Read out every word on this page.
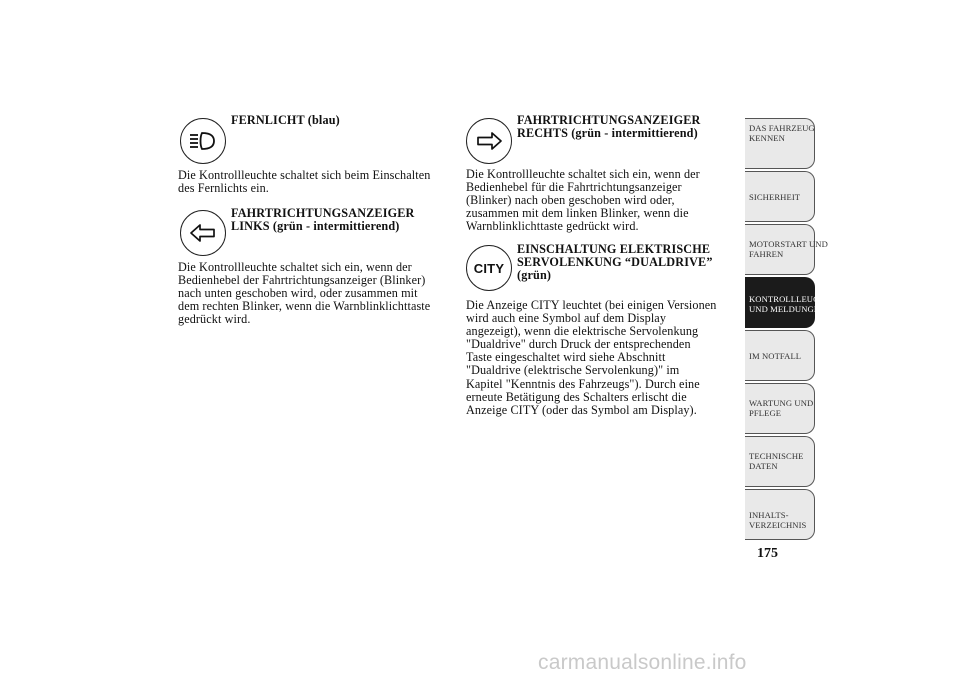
FERNLICHT (blau)
Die Kontrollleuchte schaltet sich beim Einschalten
des Fernlichts ein.
FAHRTRICHTUNGSANZEIGER
LINKS (grün - intermittierend)
Die Kontrollleuchte schaltet sich ein, wenn der
Bedienhebel der Fahrtrichtungsanzeiger (Blinker)
nach unten geschoben wird, oder zusammen mit
dem rechten Blinker, wenn die Warnblinklichttaste
gedrückt wird.
FAHRTRICHTUNGSANZEIGER
RECHTS (grün - intermittierend)
Die Kontrollleuchte schaltet sich ein, wenn der
Bedienhebel für die Fahrtrichtungsanzeiger
(Blinker) nach oben geschoben wird oder,
zusammen mit dem linken Blinker, wenn die
Warnblinklichttaste gedrückt wird.
CITY
EINSCHALTUNG ELEKTRISCHE
SERVOLENKUNG “DUALDRIVE”
(grün)
Die Anzeige CITY leuchtet (bei einigen Versionen
wird auch eine Symbol auf dem Display
angezeigt), wenn die elektrische Servolenkung
"Dualdrive" durch Druck der entsprechenden
Taste eingeschaltet wird siehe Abschnitt
"Dualdrive (elektrische Servolenkung)" im
Kapitel "Kenntnis des Fahrzeugs"). Durch eine
erneute Betätigung des Schalters erlischt die
Anzeige CITY (oder das Symbol am Display).
DAS FAHRZEUG
KENNEN
SICHERHEIT
MOTORSTART UND
FAHREN
KONTROLLLEUCHTEN
UND MELDUNGEN
IM NOTFALL
WARTUNG UND
PFLEGE
TECHNISCHE
DATEN
INHALTS-
VERZEICHNIS
175
carmanualsonline.info
